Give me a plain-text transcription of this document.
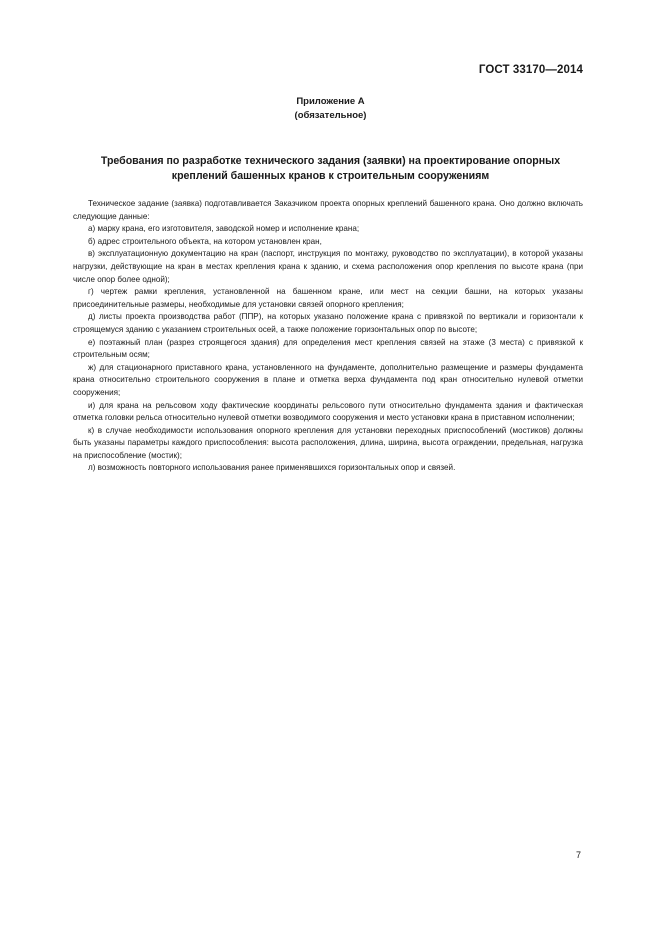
ГОСТ 33170—2014
Приложение А
(обязательное)
Требования по разработке технического задания (заявки) на проектирование опорных
креплений башенных кранов к строительным сооружениям

Техническое задание (заявка) подготавливается Заказчиком проекта опорных креплений башенного крана. Оно должно включать следующие данные:

а) марку крана, его изготовителя, заводской номер и исполнение крана;

б) адрес строительного объекта, на котором установлен кран,

в) эксплуатационную документацию на кран (паспорт, инструкция по монтажу, руководство по эксплуатации), в которой указаны нагрузки, действующие на кран в местах крепления крана к зданию, и схема расположения опор крепления по высоте крана (при числе опор более одной);

г) чертеж рамки крепления, установленной на башенном кране, или мест на секции башни, на которых указаны присоединительные размеры, необходимые для установки связей опорного крепления;

д) листы проекта производства работ (ППР), на которых указано положение крана с привязкой по вертикали и горизонтали к строящемуся зданию с указанием строительных осей, а также положение горизонтальных опор по высоте;

е) поэтажный план (разрез строящегося здания) для определения мест крепления связей на этаже (3 места) с привязкой к строительным осям;

ж) для стационарного приставного крана, установленного на фундаменте, дополнительно размещение и размеры фундамента крана относительно строительного сооружения в плане и отметка верха фундамента под кран относительно нулевой отметки сооружения;

и) для крана на рельсовом ходу фактические координаты рельсового пути относительно фундамента здания и фактическая отметка головки рельса относительно нулевой отметки возводимого сооружения и место установки крана в приставном исполнении;

к) в случае необходимости использования опорного крепления для установки переходных приспособлений (мостиков) должны быть указаны параметры каждого приспособления: высота расположения, длина, ширина, высота ограждении, предельная, нагрузка на приспособление (мостик);

л) возможность повторного использования ранее применявшихся горизонтальных опор и связей.

7
